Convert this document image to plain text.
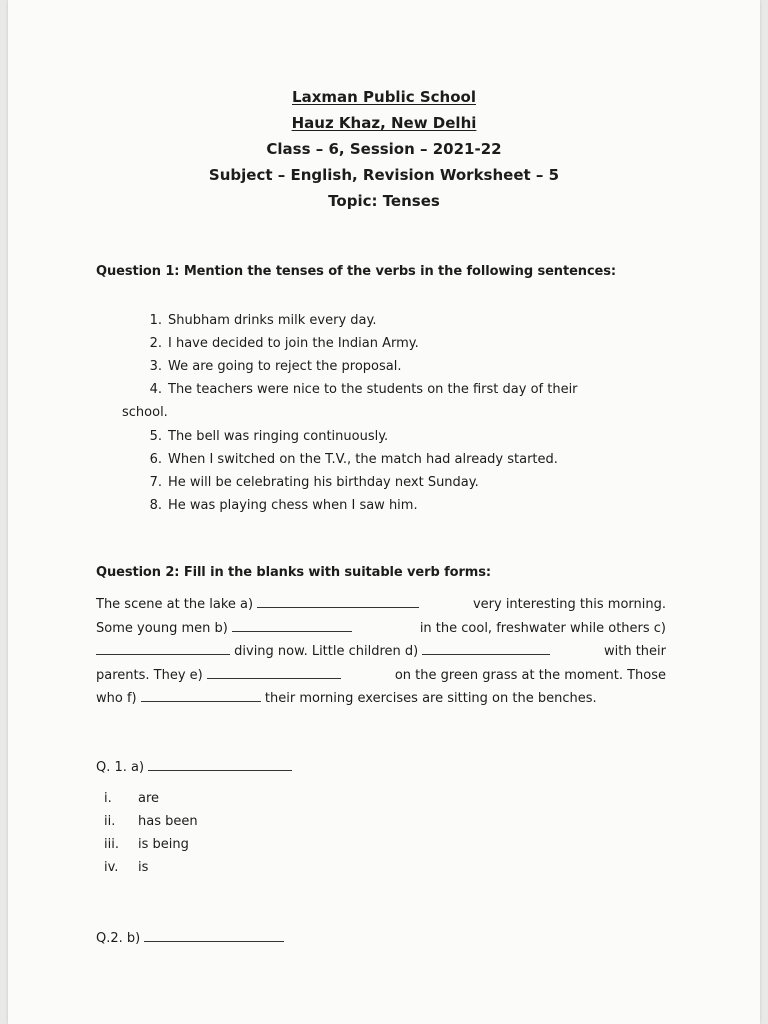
Laxman Public School
Hauz Khaz, New Delhi
Class – 6, Session – 2021-22
Subject – English, Revision Worksheet – 5
Topic: Tenses
Question 1: Mention the tenses of the verbs in the following sentences:
1. Shubham drinks milk every day.
2. I have decided to join the Indian Army.
3. We are going to reject the proposal.
4. The teachers were nice to the students on the first day of their
school.
5. The bell was ringing continuously.
6. When I switched on the T.V., the match had already started.
7. He will be celebrating his birthday next Sunday.
8. He was playing chess when I saw him.
Question 2: Fill in the blanks with suitable verb forms:
The scene at the lake a)	very interesting this morning.
Some young men b)	in the cool, freshwater while others c)
diving now. Little children d)	with their
parents. They e)	on the green grass at the moment. Those
who f)

	their morning exercises are sitting on the benches.
Q. 1. a)
i. are
ii. has been
iii. is being
iv. is
Q.2. b)
